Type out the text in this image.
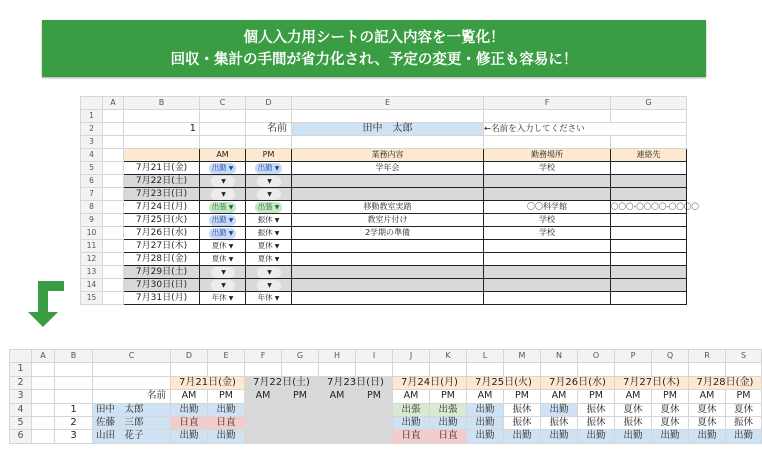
個人入力用シートの記入内容を一覧化！
回収・集計の手間が省力化され、予定の変更・修正も容易に！
	A	B	C	D	E	F	G
1							
2		1		名前	田中　太郎	←名前を入力してください	
3							
4			AM	PM	業務内容	勤務場所	連絡先
5		7月21日(金)	出勤 ▼	出勤 ▼	学年会	学校	
6		7月22日(土)	▼	▼			
7		7月23日(日)	▼	▼			
8		7月24日(月)	出張 ▼	出張 ▼	移動教室実踏	〇〇科学館	〇〇〇-〇〇〇〇-〇〇〇〇
9		7月25日(火)	出勤 ▼	振休 ▼	教室片付け	学校	
10		7月26日(水)	出勤 ▼	振休 ▼	2学期の準備	学校	
11		7月27日(木)	夏休 ▼	夏休 ▼			
12		7月28日(金)	夏休 ▼	夏休 ▼			
13		7月29日(土)	▼	▼			
14		7月30日(日)	▼	▼			
15		7月31日(月)	年休 ▼	年休 ▼			
	A	B	C	D	E	F	G	H	I	J	K	L	M	N	O	P	Q	R	S
1																			
2				7月21日(金)		7月22日(土)		7月23日(日)		7月24日(月)		7月25日(火)		7月26日(水)		7月27日(木)		7月28日(金)	
3			名前	AM	PM	AM	PM	AM	PM	AM	PM	AM	PM	AM	PM	AM	PM	AM	PM
4		1	田中　太郎	出勤	出勤					出張	出張	出勤	振休	出勤	振休	夏休	夏休	夏休	夏休
5		2	佐藤　三郎	日直	日直					出勤	出勤	出勤	振休	振休	振休	振休	夏休	夏休	振休
6		3	山田　花子	出勤	出勤					日直	日直	出勤	出勤	出勤	出勤	出勤	出勤	出勤	出勤
